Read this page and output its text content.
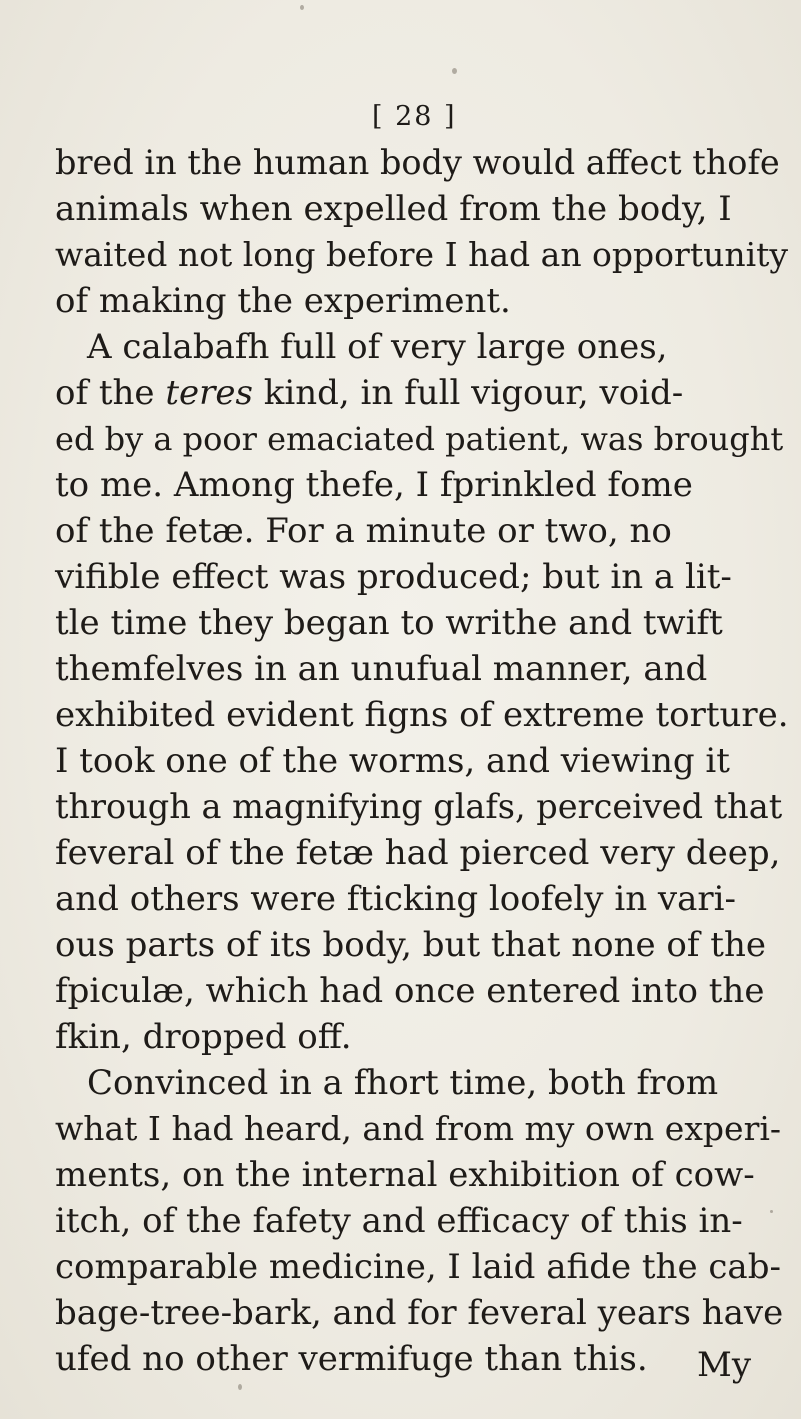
[ 28 ]
bred in the human body would affect thofe
animals when expelled from the body, I
waited not long before I had an opportunity
of making the experiment.
A calabafh full of very large ones,
of the teres kind, in full vigour, void-
ed by a poor emaciated patient, was brought
to me. Among thefe, I fprinkled fome
of the fetæ. For a minute or two, no
vifible effect was produced; but in a lit-
tle time they began to writhe and twift
themfelves in an unufual manner, and
exhibited evident figns of extreme torture.
I took one of the worms, and viewing it
through a magnifying glafs, perceived that
feveral of the fetæ had pierced very deep,
and others were fticking loofely in vari-
ous parts of its body, but that none of the
fpiculæ, which had once entered into the
fkin, dropped off.
Convinced in a fhort time, both from
what I had heard, and from my own experi-
ments, on the internal exhibition of cow-
itch, of the fafety and efficacy of this in-
comparable medicine, I laid afide the cab-
bage-tree-bark, and for feveral years have
ufed no other vermifuge than this. My
